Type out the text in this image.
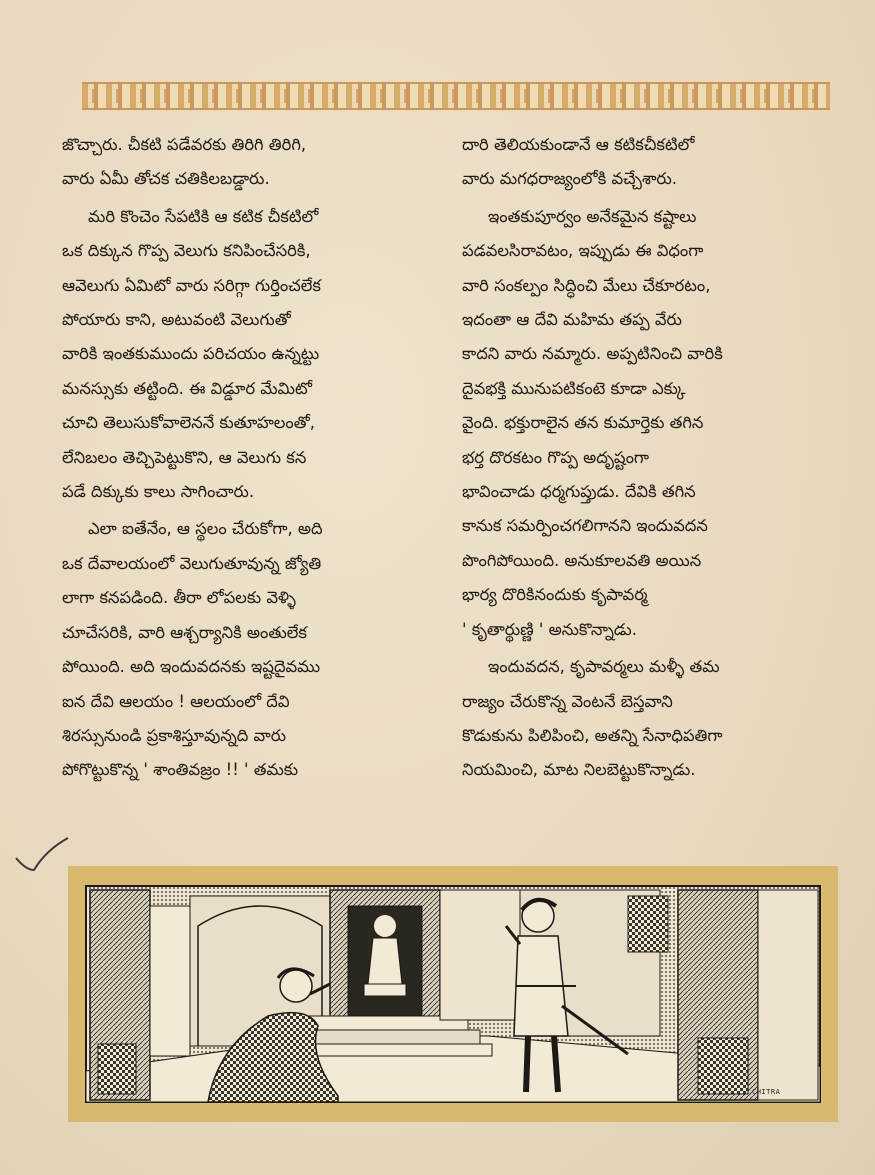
జొచ్చారు. చీకటి పడేవరకు తిరిగి తిరిగి,

వారు ఏమీ తోచక చతికిలబడ్డారు.

మరి కొంచెం సేపటికి ఆ కటిక చీకటిలో

ఒక దిక్కున గొప్ప వెలుగు కనిపించేసరికి,

ఆవెలుగు ఏమిటో వారు సరిగ్గా గుర్తించలేక

పోయారు కాని, అటువంటి వెలుగుతో

వారికి ఇంతకుముందు పరిచయం ఉన్నట్టు

మనస్సుకు తట్టింది. ఈ విడ్డూర మేమిటో

చూచి తెలుసుకోవాలెననే కుతూహలంతో,

లేనిబలం తెచ్చిపెట్టుకొని, ఆ వెలుగు కన

పడే దిక్కుకు కాలు సాగించారు.

ఎలా ఐతేనేం, ఆ స్థలం చేరుకోగా, అది

ఒక దేవాలయంలో వెలుగుతూవున్న జ్యోతి

లాగా కనపడింది. తీరా లోపలకు వెళ్ళి

చూచేసరికి, వారి ఆశ్చర్యానికి అంతులేక

పోయింది. అది ఇందువదనకు ఇష్టదైవము

ఐన దేవి ఆలయం ! ఆలయంలో దేవి

శిరస్సునుండి ప్రకాశిస్తూవున్నది వారు

పోగొట్టుకొన్న ' శాంతివజ్రం !! ' తమకు

దారి తెలియకుండానే ఆ కటికచీకటిలో

వారు మగధరాజ్యంలోకి వచ్చేశారు.

ఇంతకుపూర్వం అనేకమైన కష్టాలు

పడవలసిరావటం, ఇప్పుడు ఈ విధంగా

వారి సంకల్పం సిద్ధించి మేలు చేకూరటం,

ఇదంతా ఆ దేవి మహిమ తప్ప వేరు

కాదని వారు నమ్మారు. అప్పటినించి వారికి

దైవభక్తి మునుపటికంటె కూడా ఎక్కు

వైంది. భక్తురాలైన తన కుమార్తెకు తగిన

భర్త దొరకటం గొప్ప అదృష్టంగా

భావించాడు ధర్మగుప్తుడు. దేవికి తగిన

కానుక సమర్పించగలిగానని ఇందువదన

పొంగిపోయింది. అనుకూలవతి అయిన

భార్య దొరికినందుకు కృపావర్మ

' కృతార్థుణ్ణి ' అనుకొన్నాడు.

ఇందువదన, కృపావర్మలు మళ్ళీ తమ

రాజ్యం చేరుకొన్న వెంటనే బెస్తవాని

కొడుకును పిలిపించి, అతన్ని సేనాధిపతిగా

నియమించి, మాట నిలబెట్టుకొన్నాడు.

CHITRA
